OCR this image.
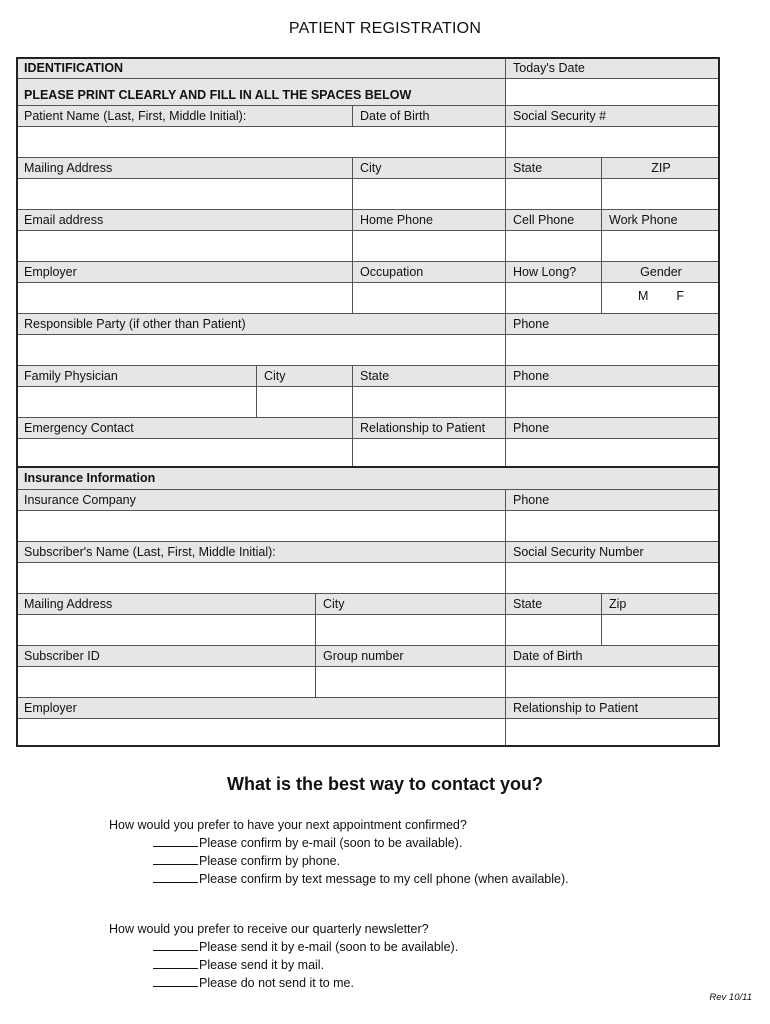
PATIENT REGISTRATION
IDENTIFICATION	Today's Date
PLEASE PRINT CLEARLY AND FILL IN ALL THE SPACES BELOW
Patient Name (Last, First, Middle Initial):	Date of Birth	Social Security #
Mailing Address	City	State	ZIP
Email address	Home Phone	Cell Phone	Work Phone
Employer	Occupation	How Long?	Gender
M F
Responsible Party (if other than Patient)	Phone
Family Physician	City	State	Phone
Emergency Contact	Relationship to Patient	Phone
Insurance Information
Insurance Company	Phone
Subscriber's Name (Last, First, Middle Initial):	Social Security Number
Mailing Address	City	State	Zip
Subscriber ID	Group number	Date of Birth
Employer	Relationship to Patient
What is the best way to contact you?
How would you prefer to have your next appointment confirmed?
Please confirm by e-mail (soon to be available).
Please confirm by phone.
Please confirm by text message to my cell phone (when available).
How would you prefer to receive our quarterly newsletter?
Please send it by e-mail (soon to be available).
Please send it by mail.
Please do not send it to me.
Rev 10/11
